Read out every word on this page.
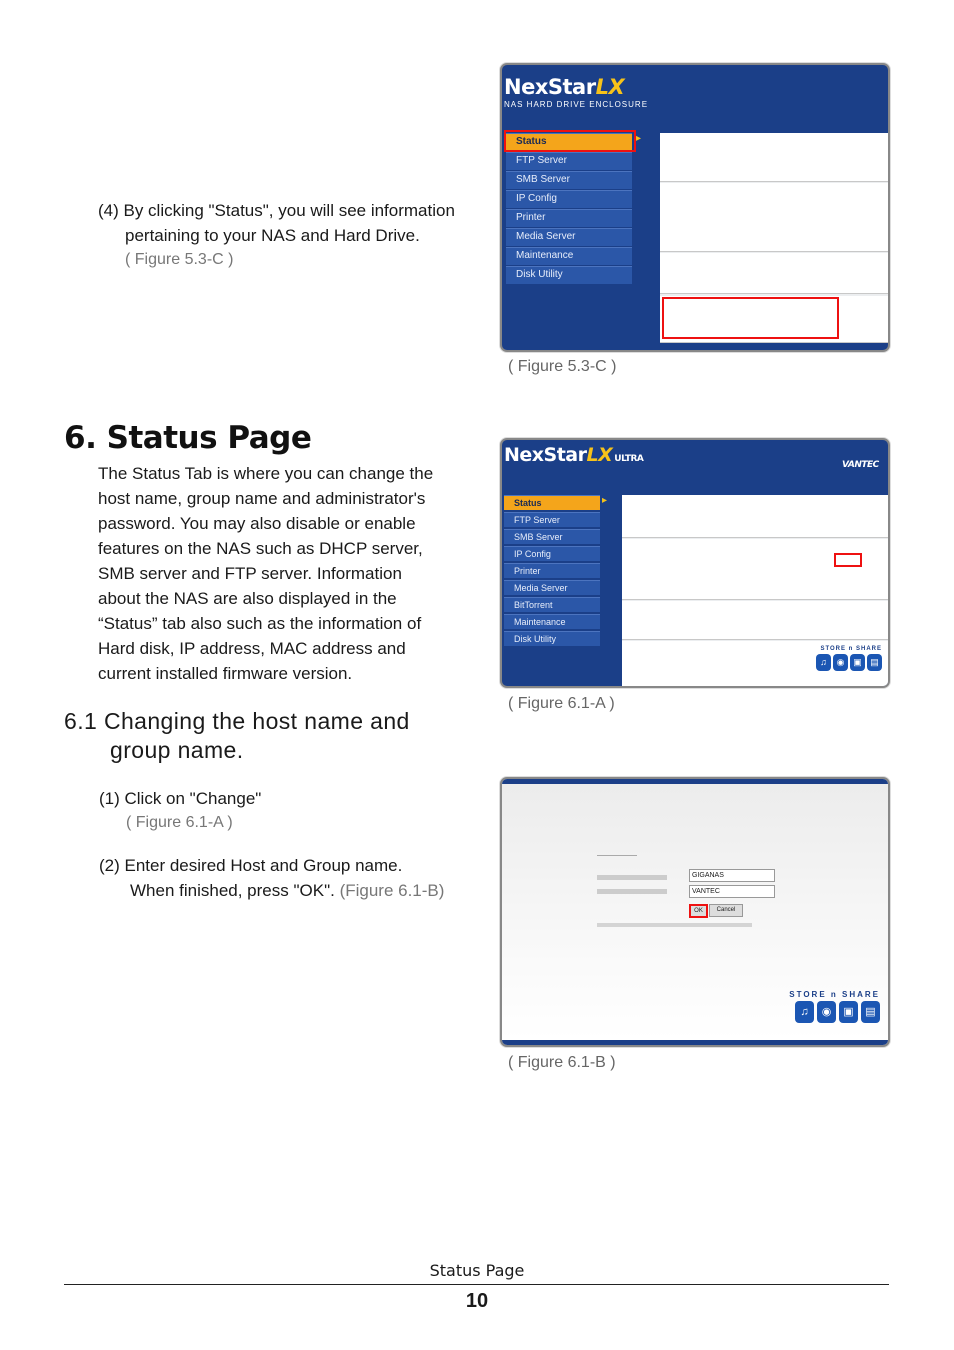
(4) By clicking "Status", you will see information
pertaining to your NAS and Hard Drive.
( Figure 5.3-C )
NexStarLX
NAS HARD DRIVE ENCLOSURE
Status
FTP Server
SMB Server
IP Config
Printer
Media Server
Maintenance
Disk Utility
▸
( Figure 5.3-C )
6. Status Page
The Status Tab is where you can change the
host name, group name and administrator's
password. You may also disable or enable
features on the NAS such as DHCP server,
SMB server and FTP server. Information
about the NAS are also displayed in the
“Status” tab also such as the information of
Hard disk, IP address, MAC address and
current installed firmware version.
NexStarLX ULTRA
VANTEC
Status
FTP Server
SMB Server
IP Config
Printer
Media Server
BitTorrent
Maintenance
Disk Utility
▸
STORE n SHARE
♫	◉ ▣ ▤
( Figure 6.1-A )
6.1 Changing the host name and
group name.
(1) Click on "Change"
( Figure 6.1-A )
(2) Enter desired Host and Group name.
When finished, press "OK". (Figure 6.1-B)
GIGANAS
VANTEC
OK	Cancel
STORE n SHARE
♫	◉	▣	▤
( Figure 6.1-B )
Status Page
10
